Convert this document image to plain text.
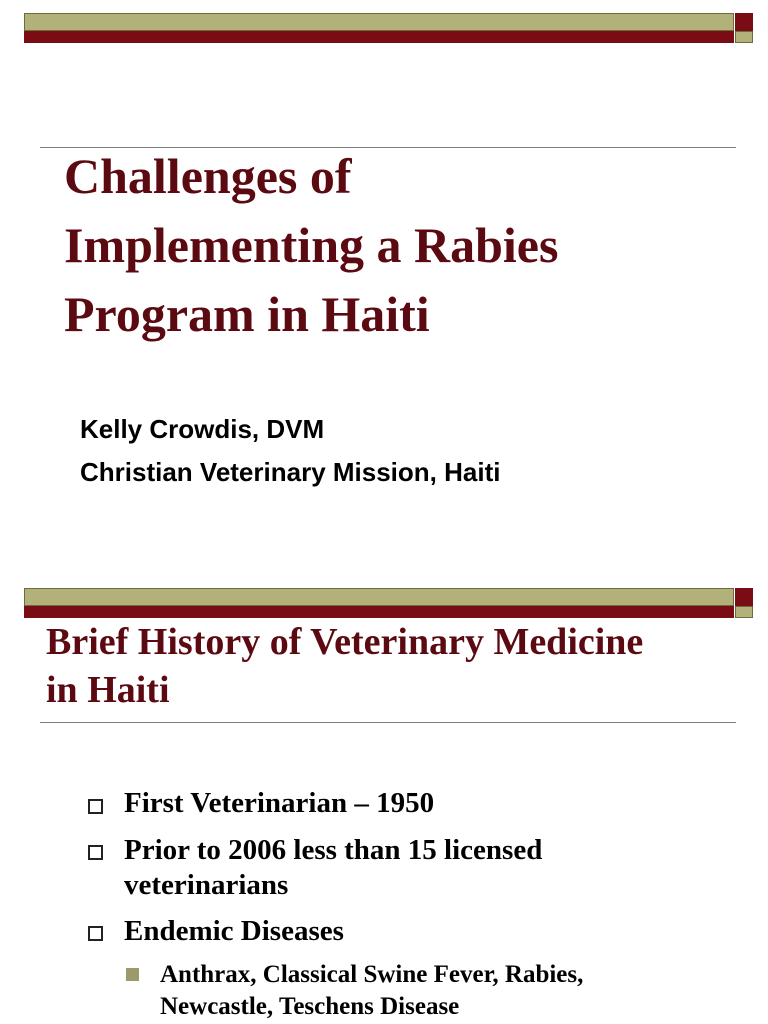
Challenges of
Implementing a Rabies
Program in Haiti

Kelly Crowdis, DVM

Christian Veterinary Mission, Haiti

Brief History of Veterinary Medicine
in Haiti
First Veterinarian – 1950
Prior to 2006 less than 15 licensed
veterinarians
Endemic Diseases
Anthrax, Classical Swine Fever, Rabies,
Newcastle, Teschens Disease
